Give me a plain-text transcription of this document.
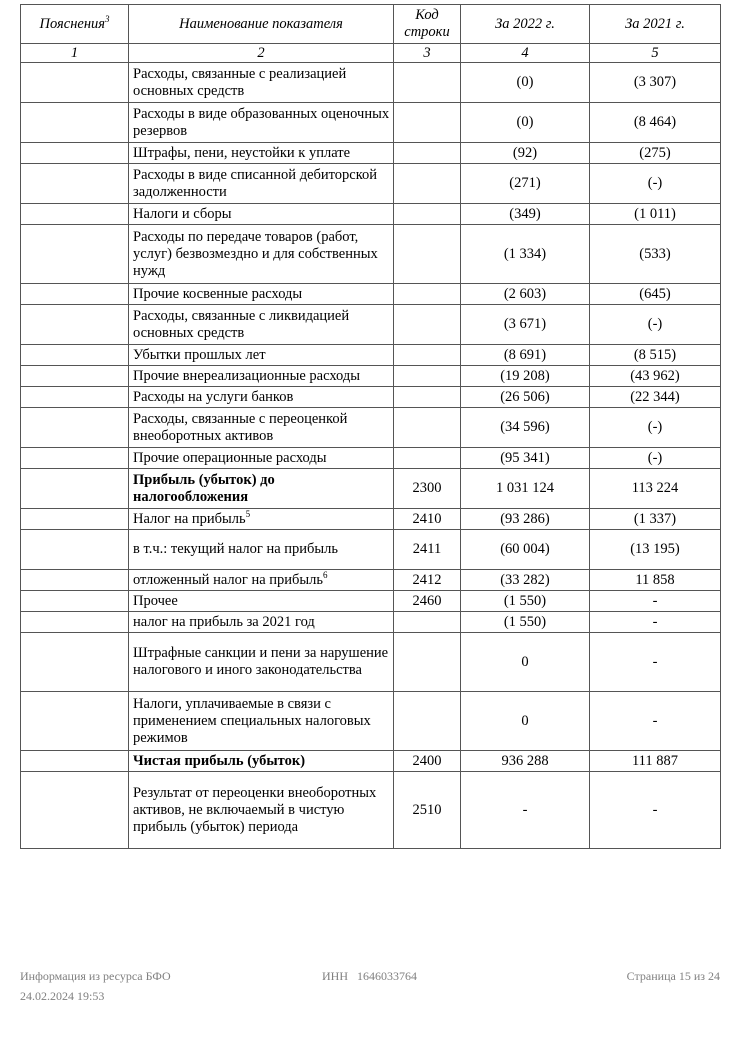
Пояснения$^3$	Наименование показателя	Код строки	За 2022 г.	За 2021 г.
1	2	3	4	5
	Расходы, связанные с реализацией основных средств		(0)	(3 307)
	Расходы в виде образованных оценочных резервов		(0)	(8 464)
	Штрафы, пени, неустойки к уплате		(92)	(275)
	Расходы в виде списанной дебиторской задолженности		(271)	(-)
	Налоги и сборы		(349)	(1 011)
	Расходы по передаче товаров (работ, услуг) безвозмездно и для собственных нужд		(1 334)	(533)
	Прочие косвенные расходы		(2 603)	(645)
	Расходы, связанные с ликвидацией основных средств		(3 671)	(-)
	Убытки прошлых лет		(8 691)	(8 515)
	Прочие внереализационные расходы		(19 208)	(43 962)
	Расходы на услуги банков		(26 506)	(22 344)
	Расходы, связанные с переоценкой внеоборотных активов		(34 596)	(-)
	Прочие операционные расходы		(95 341)	(-)
	Прибыль (убыток) до налогообложения	2300	1 031 124	113 224
	Налог на прибыль$^5$	2410	(93 286)	(1 337)
	в т.ч.: текущий налог на прибыль	2411	(60 004)	(13 195)
	отложенный налог на прибыль$^6$	2412	(33 282)	11 858
	Прочее	2460	(1 550)	-
	налог на прибыль за 2021 год		(1 550)	-
	Штрафные санкции и пени за нарушение налогового и иного законодательства		0	-
	Налоги, уплачиваемые в связи с применением специальных налоговых режимов		0	-
	Чистая прибыль (убыток)	2400	936 288	111 887
	Результат от переоценки внеоборотных активов, не включаемый в чистую прибыль (убыток) периода	2510	-	-
Информация из ресурса БФО
24.02.2024 19:53
ИНН   1646033764	Страница 15 из 24
